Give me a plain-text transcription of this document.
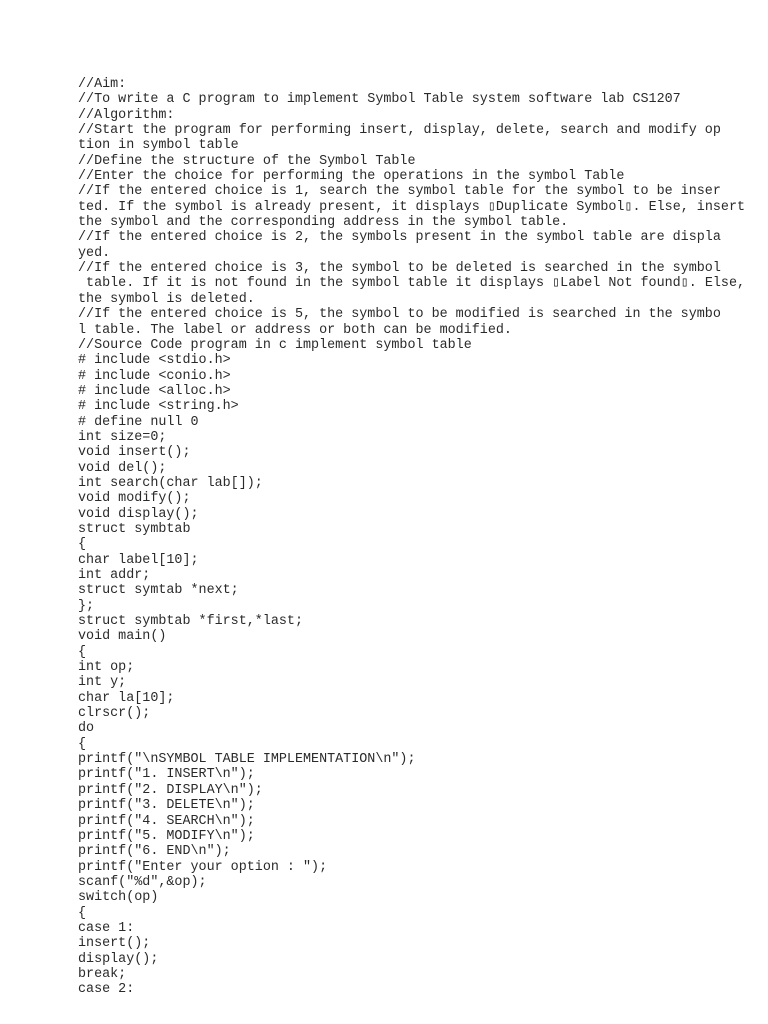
//Aim:
//To write a C program to implement Symbol Table system software lab CS1207
//Algorithm:
//Start the program for performing insert, display, delete, search and modify op
tion in symbol table
//Define the structure of the Symbol Table
//Enter the choice for performing the operations in the symbol Table
//If the entered choice is 1, search the symbol table for the symbol to be inser
ted. If the symbol is already present, it displays ▯Duplicate Symbol▯. Else, insert
the symbol and the corresponding address in the symbol table.
//If the entered choice is 2, the symbols present in the symbol table are displa
yed.
//If the entered choice is 3, the symbol to be deleted is searched in the symbol
table. If it is not found in the symbol table it displays ▯Label Not found▯. Else,
the symbol is deleted.
//If the entered choice is 5, the symbol to be modified is searched in the symbo
l table. The label or address or both can be modified.
//Source Code program in c implement symbol table
# include <stdio.h>
# include <conio.h>
# include <alloc.h>
# include <string.h>
# define null 0
int size=0;
void insert();
void del();
int search(char lab[]);
void modify();
void display();
struct symbtab
{
char label[10];
int addr;
struct symtab *next;
};
struct symbtab *first,*last;
void main()
{
int op;
int y;
char la[10];
clrscr();
do
{
printf("\nSYMBOL TABLE IMPLEMENTATION\n");
printf("1. INSERT\n");
printf("2. DISPLAY\n");
printf("3. DELETE\n");
printf("4. SEARCH\n");
printf("5. MODIFY\n");
printf("6. END\n");
printf("Enter your option : ");
scanf("%d",&op);
switch(op)
{
case 1:
insert();
display();
break;
case 2:
